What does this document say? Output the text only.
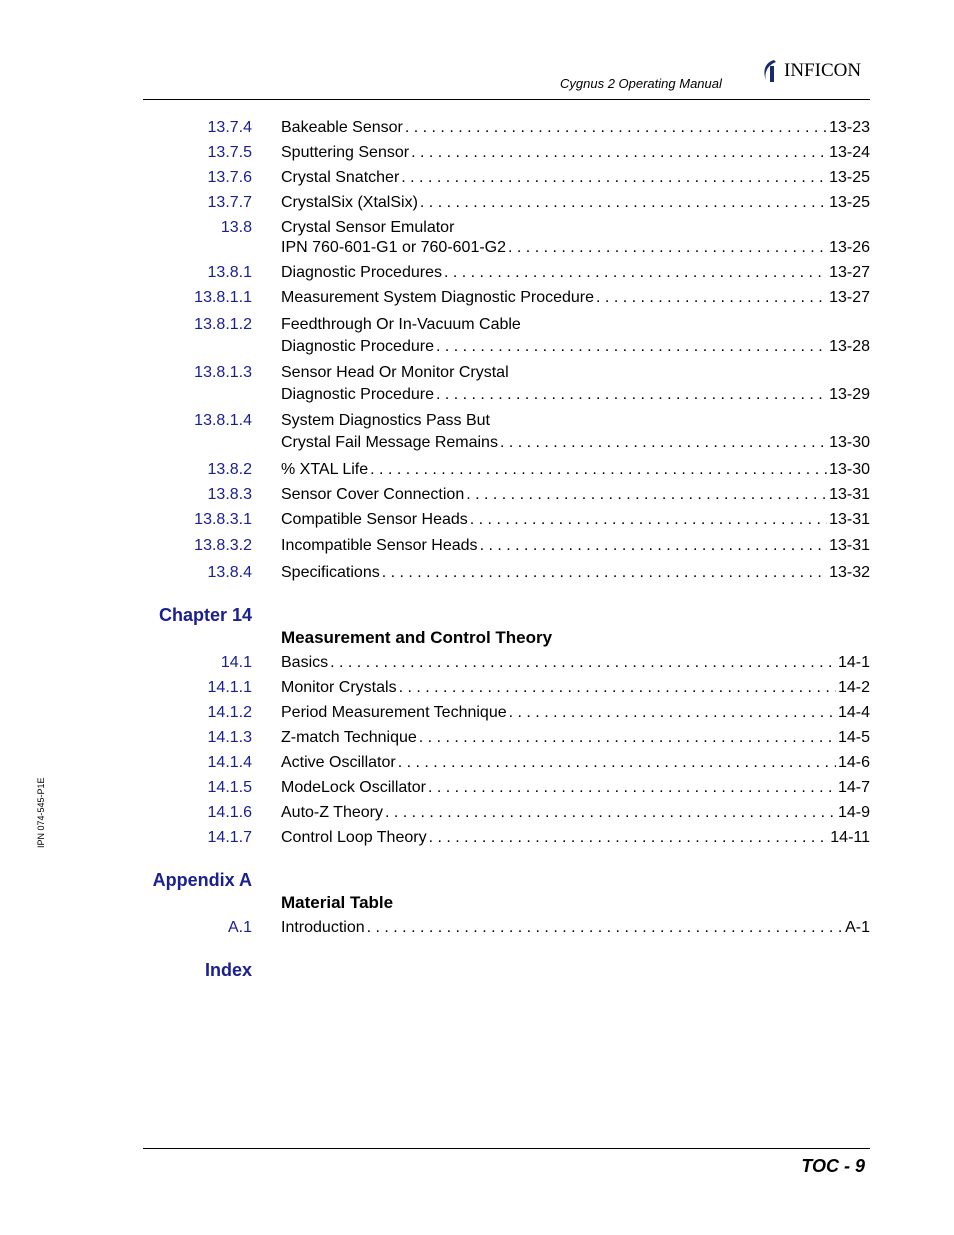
Cygnus 2 Operating Manual
INFICON
13.7.4 Bakeable Sensor . . .	13-23
13.7.5 Sputtering Sensor . . .	13-24
13.7.6 Crystal Snatcher . . .	13-25
13.7.7 CrystalSix (XtalSix) . . .	13-25
13.8 Crystal Sensor Emulator
IPN 760-601-G1 or 760-601-G2 . . .	13-26
13.8.1 Diagnostic Procedures . . .	13-27
13.8.1.1 Measurement System Diagnostic Procedure . . .	13-27
13.8.1.2 Feedthrough Or In-Vacuum Cable
Diagnostic Procedure . . .	13-28
13.8.1.3 Sensor Head Or Monitor Crystal
Diagnostic Procedure . . .	13-29
13.8.1.4 System Diagnostics Pass But
Crystal Fail Message Remains . . .	13-30
13.8.2 % XTAL Life . . .	13-30
13.8.3 Sensor Cover Connection . . .	13-31
13.8.3.1 Compatible Sensor Heads . . .	13-31
13.8.3.2 Incompatible Sensor Heads . . .	13-31
13.8.4 Specifications . . .	13-32
Chapter 14
Measurement and Control Theory
14.1 Basics . . .	14-1
14.1.1 Monitor Crystals . . .	14-2
14.1.2 Period Measurement Technique . . .	14-4
14.1.3 Z-match Technique . . .	14-5
14.1.4 Active Oscillator . . .	14-6
14.1.5 ModeLock Oscillator . . .	14-7
14.1.6 Auto-Z Theory . . .	14-9
14.1.7 Control Loop Theory . . .	14-11
Appendix A
Material Table
A.1 Introduction . . .	A-1
Index
IPN 074-545-P1E
TOC - 9
